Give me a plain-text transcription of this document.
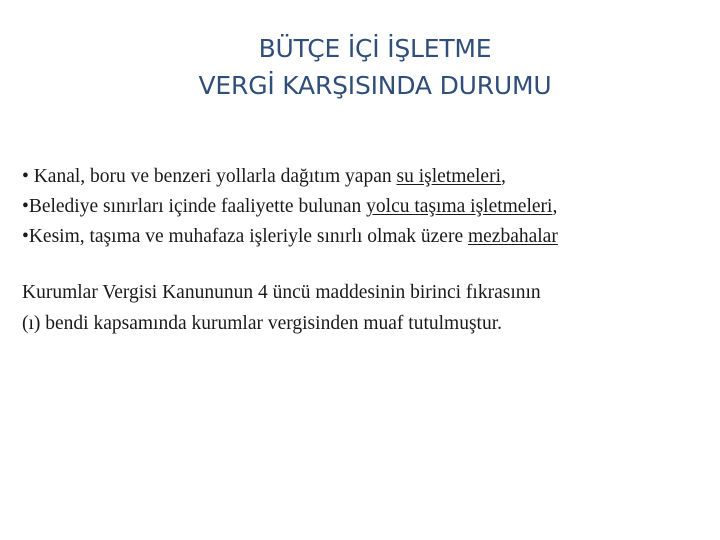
BÜTÇE İÇİ İŞLETME
VERGİ KARŞISINDA DURUMU
• Kanal, boru ve benzeri yollarla dağıtım yapan su işletmeleri,
•Belediye sınırları içinde faaliyette bulunan yolcu taşıma işletmeleri,
•Kesim, taşıma ve muhafaza işleriyle sınırlı olmak üzere mezbahalar
Kurumlar Vergisi Kanununun 4 üncü maddesinin birinci fıkrasının
(ı) bendi kapsamında kurumlar vergisinden muaf tutulmuştur.
